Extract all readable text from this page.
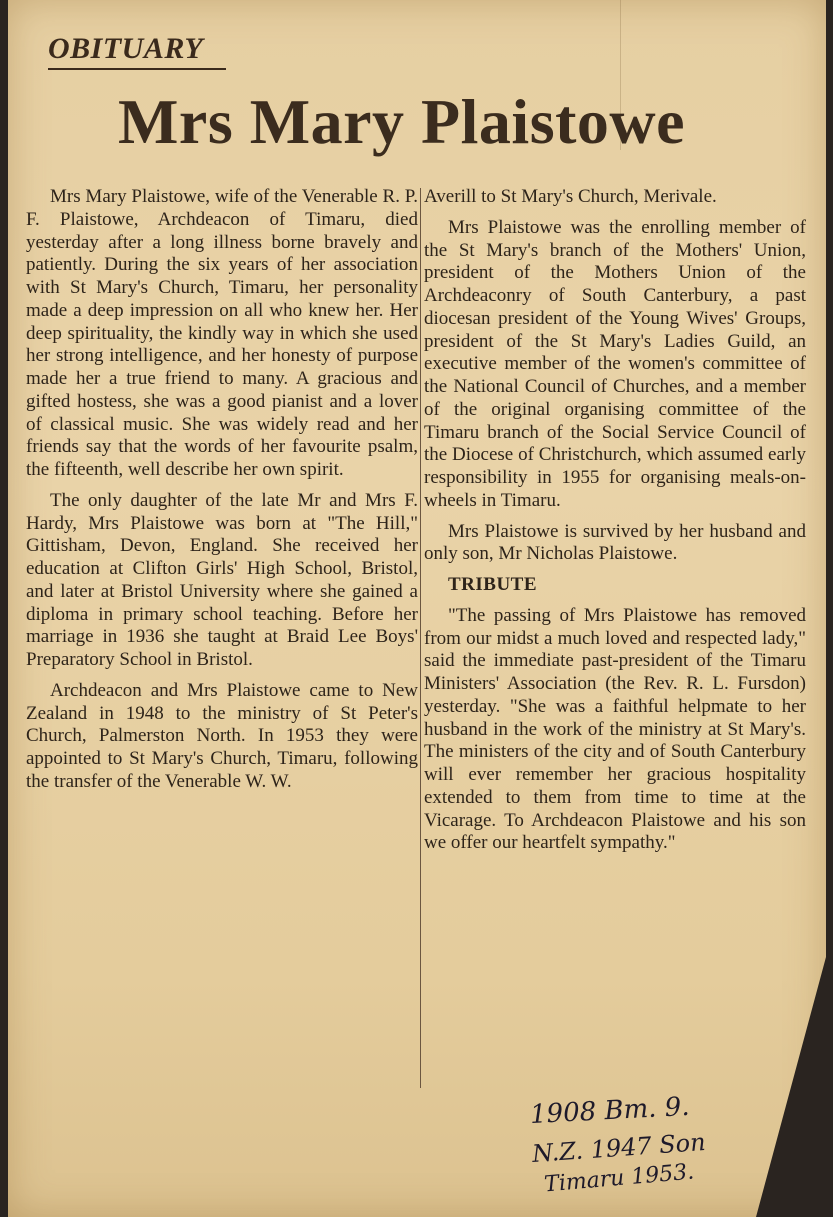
OBITUARY
Mrs Mary Plaistowe

Mrs Mary Plaistowe, wife of the Venerable R. P. F. Plaistowe, Archdeacon of Timaru, died yesterday after a long illness borne bravely and patiently. During the six years of her association with St Mary's Church, Timaru, her personality made a deep impression on all who knew her. Her deep spirituality, the kindly way in which she used her strong intelligence, and her honesty of purpose made her a true friend to many. A gracious and gifted hostess, she was a good pianist and a lover of classical music. She was widely read and her friends say that the words of her favourite psalm, the fifteenth, well describe her own spirit.

The only daughter of the late Mr and Mrs F. Hardy, Mrs Plaistowe was born at "The Hill," Gittisham, Devon, England. She received her education at Clifton Girls' High School, Bristol, and later at Bristol University where she gained a diploma in primary school teaching. Before her marriage in 1936 she taught at Braid Lee Boys' Preparatory School in Bristol.

Archdeacon and Mrs Plaistowe came to New Zealand in 1948 to the ministry of St Peter's Church, Palmerston North. In 1953 they were appointed to St Mary's Church, Timaru, following the transfer of the Venerable W. W.

Averill to St Mary's Church, Merivale.

Mrs Plaistowe was the enrolling member of the St Mary's branch of the Mothers' Union, president of the Mothers Union of the Archdeaconry of South Canterbury, a past diocesan president of the Young Wives' Groups, president of the St Mary's Ladies Guild, an executive member of the women's committee of the National Council of Churches, and a member of the original organising committee of the Timaru branch of the Social Service Council of the Diocese of Christchurch, which assumed early responsibility in 1955 for organising meals-on-wheels in Timaru.

Mrs Plaistowe is survived by her husband and only son, Mr Nicholas Plaistowe.

TRIBUTE

"The passing of Mrs Plaistowe has removed from our midst a much loved and respected lady," said the immediate past-president of the Timaru Ministers' Association (the Rev. R. L. Fursdon) yesterday. "She was a faithful helpmate to her husband in the work of the ministry at St Mary's. The ministers of the city and of South Canterbury will ever remember her gracious hospitality extended to them from time to time at the Vicarage. To Archdeacon Plaistowe and his son we offer our heartfelt sympathy."

1908 Bm. 9.

N.Z. 1947 Son

Timaru 1953.
